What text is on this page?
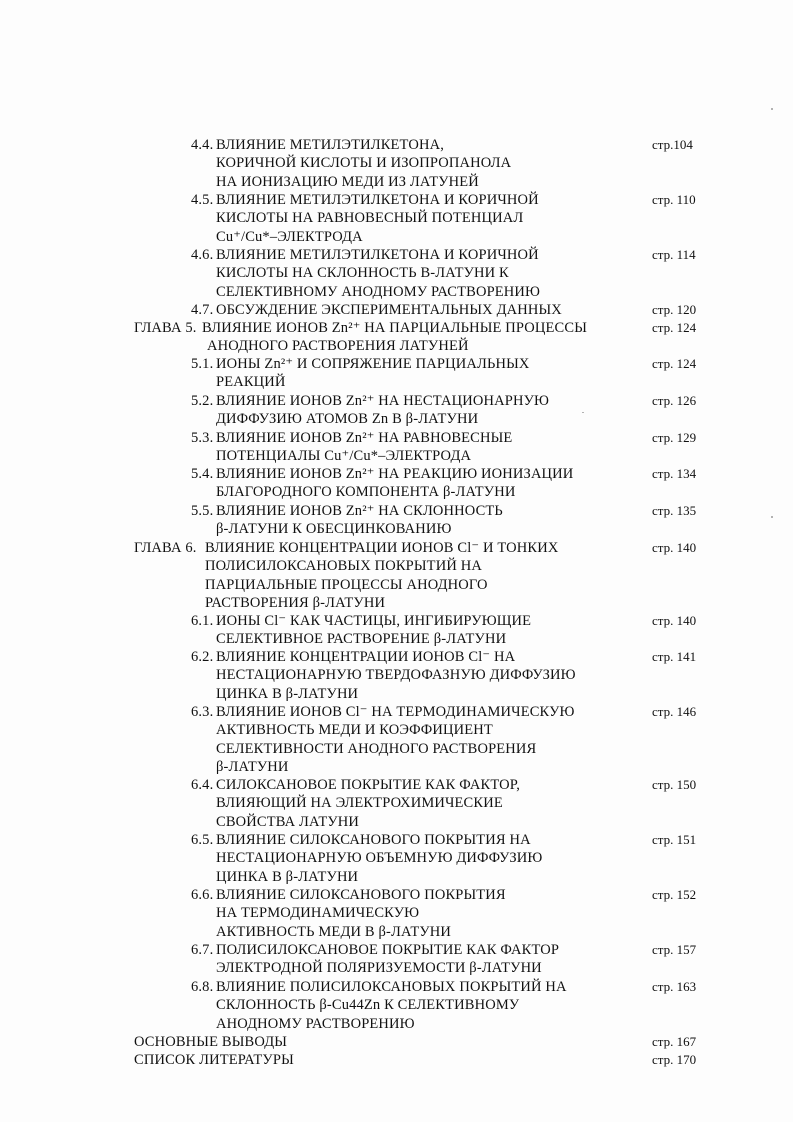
4.4. ВЛИЯНИЕ МЕТИЛЭТИЛКЕТОНА,
КОРИЧНОЙ КИСЛОТЫ И ИЗОПРОПАНОЛА
НА ИОНИЗАЦИЮ МЕДИ ИЗ ЛАТУНЕЙ
стр.104
4.5. ВЛИЯНИЕ МЕТИЛЭТИЛКЕТОНА И КОРИЧНОЙ
КИСЛОТЫ НА РАВНОВЕСНЫЙ ПОТЕНЦИАЛ
Cu⁺/Cu*–ЭЛЕКТРОДА
стр. 110
4.6. ВЛИЯНИЕ МЕТИЛЭТИЛКЕТОНА И КОРИЧНОЙ
КИСЛОТЫ НА СКЛОННОСТЬ В-ЛАТУНИ К
СЕЛЕКТИВНОМУ АНОДНОМУ РАСТВОРЕНИЮ
стр. 114
4.7. ОБСУЖДЕНИЕ ЭКСПЕРИМЕНТАЛЬНЫХ ДАННЫХ	стр. 120
ГЛАВА 5. ВЛИЯНИЕ ИОНОВ Zn²⁺ НА ПАРЦИАЛЬНЫЕ ПРОЦЕССЫ
АНОДНОГО РАСТВОРЕНИЯ ЛАТУНЕЙ
стр. 124
5.1. ИОНЫ Zn²⁺ И СОПРЯЖЕНИЕ ПАРЦИАЛЬНЫХ
РЕАКЦИЙ
стр. 124
5.2. ВЛИЯНИЕ ИОНОВ Zn²⁺ НА НЕСТАЦИОНАРНУЮ
ДИФФУЗИЮ АТОМОВ Zn В β-ЛАТУНИ
стр. 126
5.3. ВЛИЯНИЕ ИОНОВ Zn²⁺ НА РАВНОВЕСНЫЕ
ПОТЕНЦИАЛЫ Cu⁺/Cu*–ЭЛЕКТРОДА
стр. 129
5.4. ВЛИЯНИЕ ИОНОВ Zn²⁺ НА РЕАКЦИЮ ИОНИЗАЦИИ
БЛАГОРОДНОГО КОМПОНЕНТА β-ЛАТУНИ
стр. 134
5.5. ВЛИЯНИЕ ИОНОВ Zn²⁺ НА СКЛОННОСТЬ
β-ЛАТУНИ К ОБЕСЦИНКОВАНИЮ
стр. 135
ГЛАВА 6. ВЛИЯНИЕ КОНЦЕНТРАЦИИ ИОНОВ Cl⁻ И ТОНКИХ
ПОЛИСИЛОКСАНОВЫХ ПОКРЫТИЙ НА
ПАРЦИАЛЬНЫЕ ПРОЦЕССЫ АНОДНОГО
РАСТВОРЕНИЯ β-ЛАТУНИ
стр. 140
6.1. ИОНЫ Cl⁻ КАК ЧАСТИЦЫ, ИНГИБИРУЮЩИЕ
СЕЛЕКТИВНОЕ РАСТВОРЕНИЕ β-ЛАТУНИ
стр. 140
6.2. ВЛИЯНИЕ КОНЦЕНТРАЦИИ ИОНОВ Cl⁻ НА
НЕСТАЦИОНАРНУЮ ТВЕРДОФАЗНУЮ ДИФФУЗИЮ
ЦИНКА В β-ЛАТУНИ
стр. 141
6.3. ВЛИЯНИЕ ИОНОВ Cl⁻ НА ТЕРМОДИНАМИЧЕСКУЮ
АКТИВНОСТЬ МЕДИ И КОЭФФИЦИЕНТ
СЕЛЕКТИВНОСТИ АНОДНОГО РАСТВОРЕНИЯ
β-ЛАТУНИ
стр. 146
6.4. СИЛОКСАНОВОЕ ПОКРЫТИЕ КАК ФАКТОР,
ВЛИЯЮЩИЙ НА ЭЛЕКТРОХИМИЧЕСКИЕ
СВОЙСТВА ЛАТУНИ
стр. 150
6.5. ВЛИЯНИЕ СИЛОКСАНОВОГО ПОКРЫТИЯ НА
НЕСТАЦИОНАРНУЮ ОБЪЕМНУЮ ДИФФУЗИЮ
ЦИНКА В β-ЛАТУНИ
стр. 151
6.6. ВЛИЯНИЕ СИЛОКСАНОВОГО ПОКРЫТИЯ
НА ТЕРМОДИНАМИЧЕСКУЮ
АКТИВНОСТЬ МЕДИ В β-ЛАТУНИ
стр. 152
6.7. ПОЛИСИЛОКСАНОВОЕ ПОКРЫТИЕ КАК ФАКТОР
ЭЛЕКТРОДНОЙ ПОЛЯРИЗУЕМОСТИ β-ЛАТУНИ
стр. 157
6.8. ВЛИЯНИЕ ПОЛИСИЛОКСАНОВЫХ ПОКРЫТИЙ НА
СКЛОННОСТЬ β-Cu44Zn К СЕЛЕКТИВНОМУ
АНОДНОМУ РАСТВОРЕНИЮ
стр. 163
ОСНОВНЫЕ ВЫВОДЫ	стр. 167
СПИСОК ЛИТЕРАТУРЫ	стр. 170
